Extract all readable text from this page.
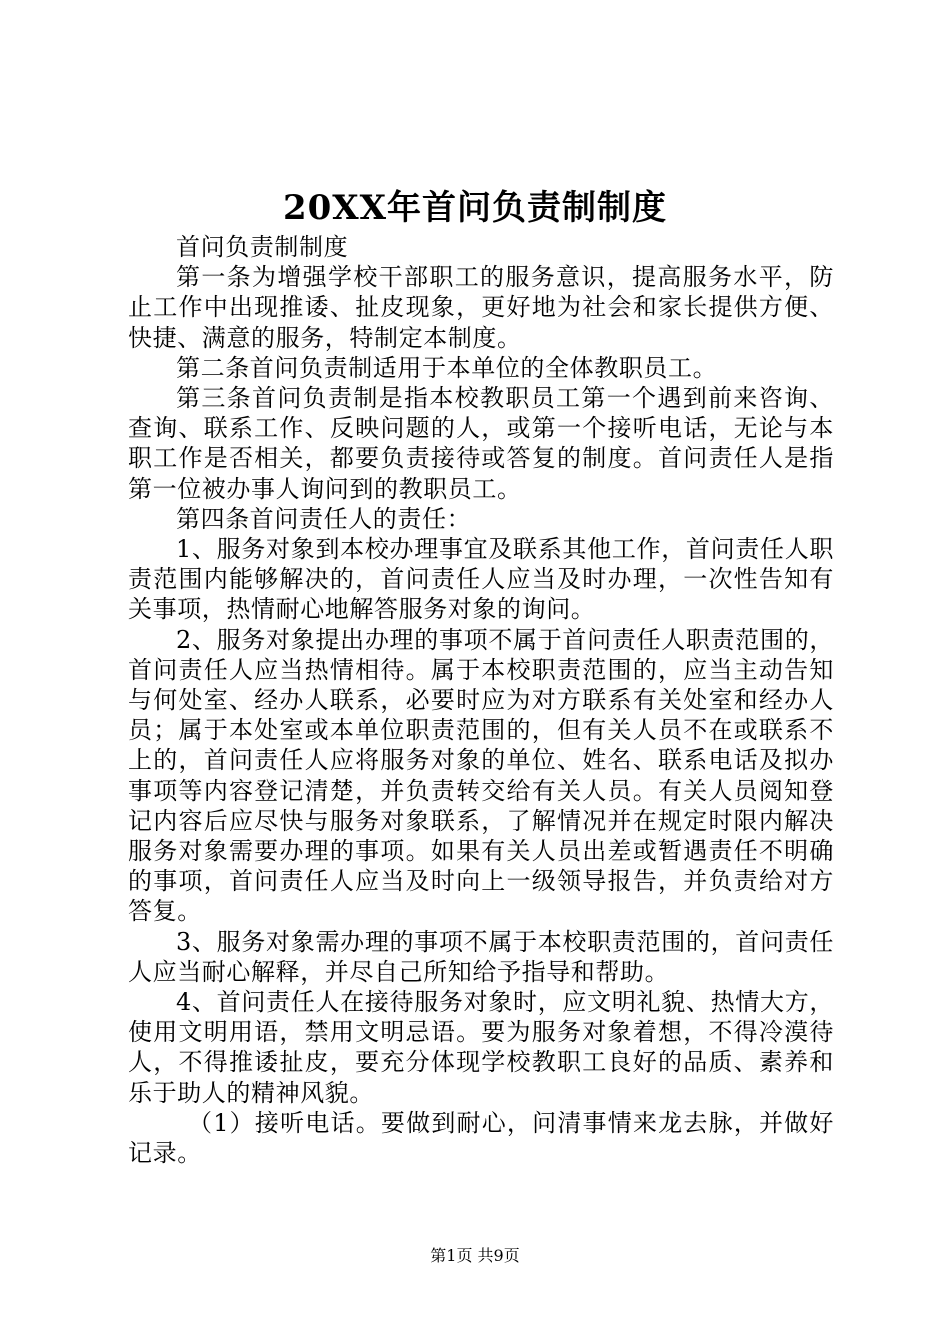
20XX年首问负责制制度

首问负责制制度

第一条为增强学校干部职工的服务意识，提高服务水平，防止工作中出现推诿、扯皮现象，更好地为社会和家长提供方便、快捷、满意的服务，特制定本制度。

第二条首问负责制适用于本单位的全体教职员工。

第三条首问负责制是指本校教职员工第一个遇到前来咨询、查询、联系工作、反映问题的人，或第一个接听电话，无论与本职工作是否相关，都要负责接待或答复的制度。首问责任人是指第一位被办事人询问到的教职员工。

第四条首问责任人的责任：

1、服务对象到本校办理事宜及联系其他工作，首问责任人职责范围内能够解决的，首问责任人应当及时办理，一次性告知有关事项，热情耐心地解答服务对象的询问。

2、服务对象提出办理的事项不属于首问责任人职责范围的，首问责任人应当热情相待。属于本校职责范围的，应当主动告知与何处室、经办人联系，必要时应为对方联系有关处室和经办人员；属于本处室或本单位职责范围的，但有关人员不在或联系不上的，首问责任人应将服务对象的单位、姓名、联系电话及拟办事项等内容登记清楚，并负责转交给有关人员。有关人员阅知登记内容后应尽快与服务对象联系，了解情况并在规定时限内解决服务对象需要办理的事项。如果有关人员出差或暂遇责任不明确的事项，首问责任人应当及时向上一级领导报告，并负责给对方答复。

3、服务对象需办理的事项不属于本校职责范围的，首问责任人应当耐心解释，并尽自己所知给予指导和帮助。

4、首问责任人在接待服务对象时，应文明礼貌、热情大方，使用文明用语，禁用文明忌语。要为服务对象着想，不得冷漠待人，不得推诿扯皮，要充分体现学校教职工良好的品质、素养和乐于助人的精神风貌。

（1）接听电话。要做到耐心，问清事情来龙去脉，并做好记录。

第1页 共9页
